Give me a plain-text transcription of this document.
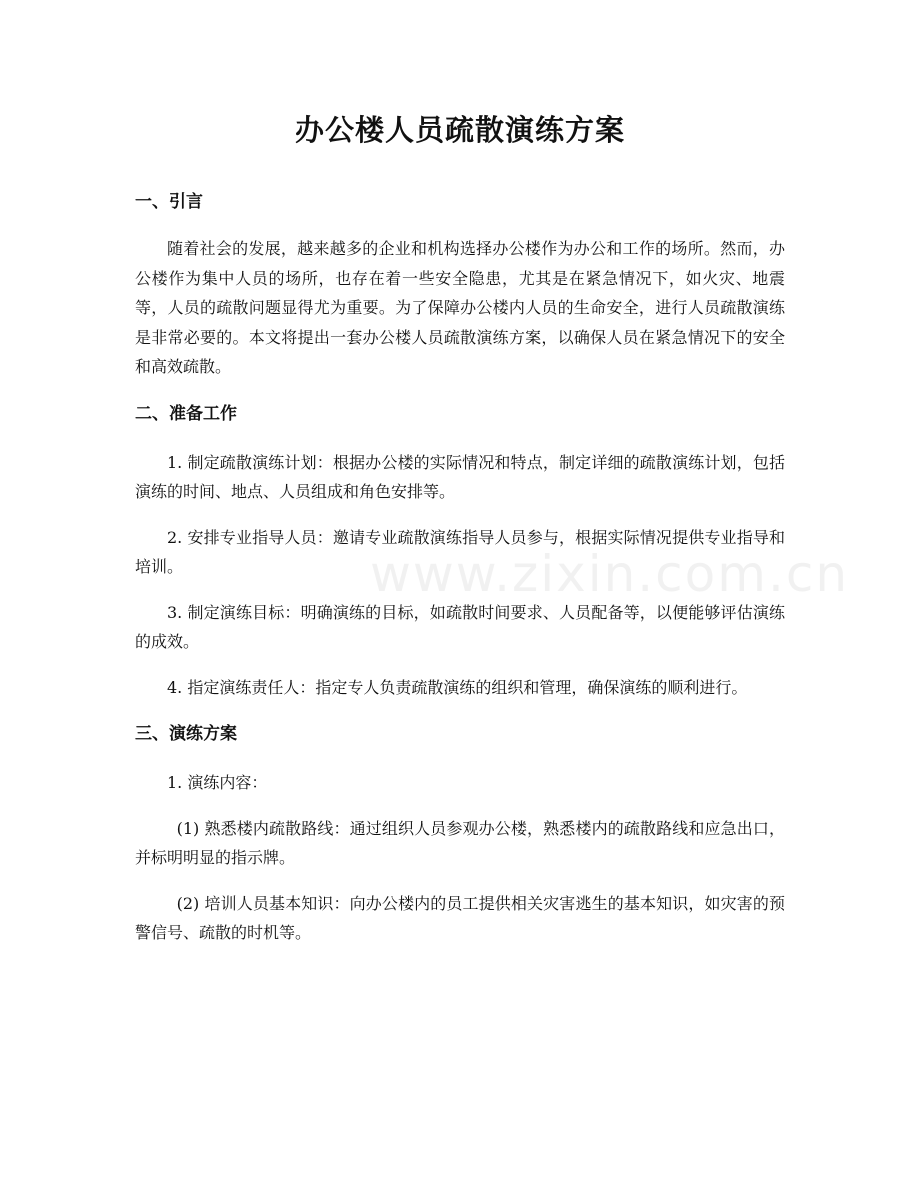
www.zixin.com.cn
办公楼人员疏散演练方案
一、引言

随着社会的发展，越来越多的企业和机构选择办公楼作为办公和工作的场所。然而，办公楼作为集中人员的场所，也存在着一些安全隐患，尤其是在紧急情况下，如火灾、地震等，人员的疏散问题显得尤为重要。为了保障办公楼内人员的生命安全，进行人员疏散演练是非常必要的。本文将提出一套办公楼人员疏散演练方案，以确保人员在紧急情况下的安全和高效疏散。

二、准备工作

1. 制定疏散演练计划：根据办公楼的实际情况和特点，制定详细的疏散演练计划，包括演练的时间、地点、人员组成和角色安排等。

2. 安排专业指导人员：邀请专业疏散演练指导人员参与，根据实际情况提供专业指导和培训。

3. 制定演练目标：明确演练的目标，如疏散时间要求、人员配备等，以便能够评估演练的成效。

4. 指定演练责任人：指定专人负责疏散演练的组织和管理，确保演练的顺利进行。

三、演练方案

1. 演练内容：

(1) 熟悉楼内疏散路线：通过组织人员参观办公楼，熟悉楼内的疏散路线和应急出口，并标明明显的指示牌。

(2) 培训人员基本知识：向办公楼内的员工提供相关灾害逃生的基本知识，如灾害的预警信号、疏散的时机等。
